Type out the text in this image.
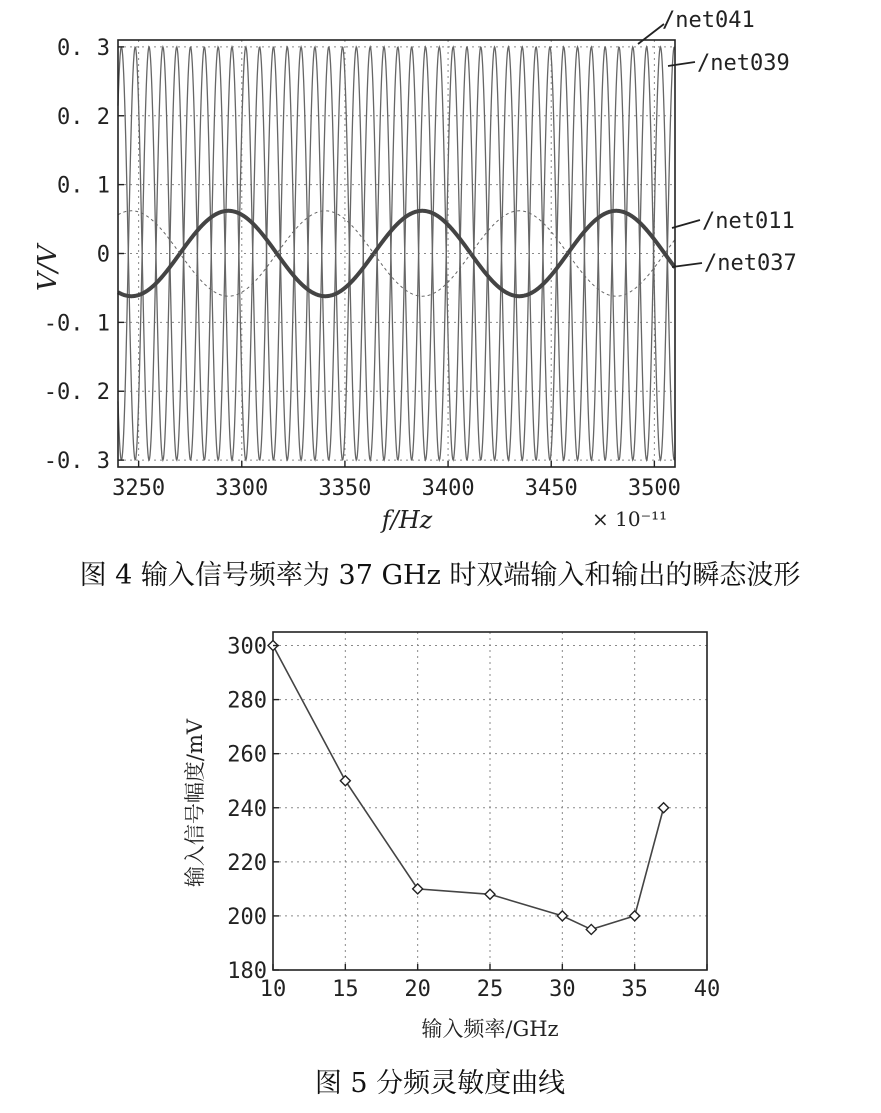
0. 3
0. 2
0. 1
0
-0. 1
-0. 2
-0. 3
3250 3300 3350 3400 3450 3500
V/V
f/Hz	× 10⁻¹¹
/net041
/net039
/net011
/net037
图 4 输入信号频率为 37 GHz 时双端输入和输出的瞬态波形
180
200
220
240
260
280
300
10 15 20 25 30 35 40
输入信号幅度/mV
输入频率/GHz
图 5 分频灵敏度曲线
